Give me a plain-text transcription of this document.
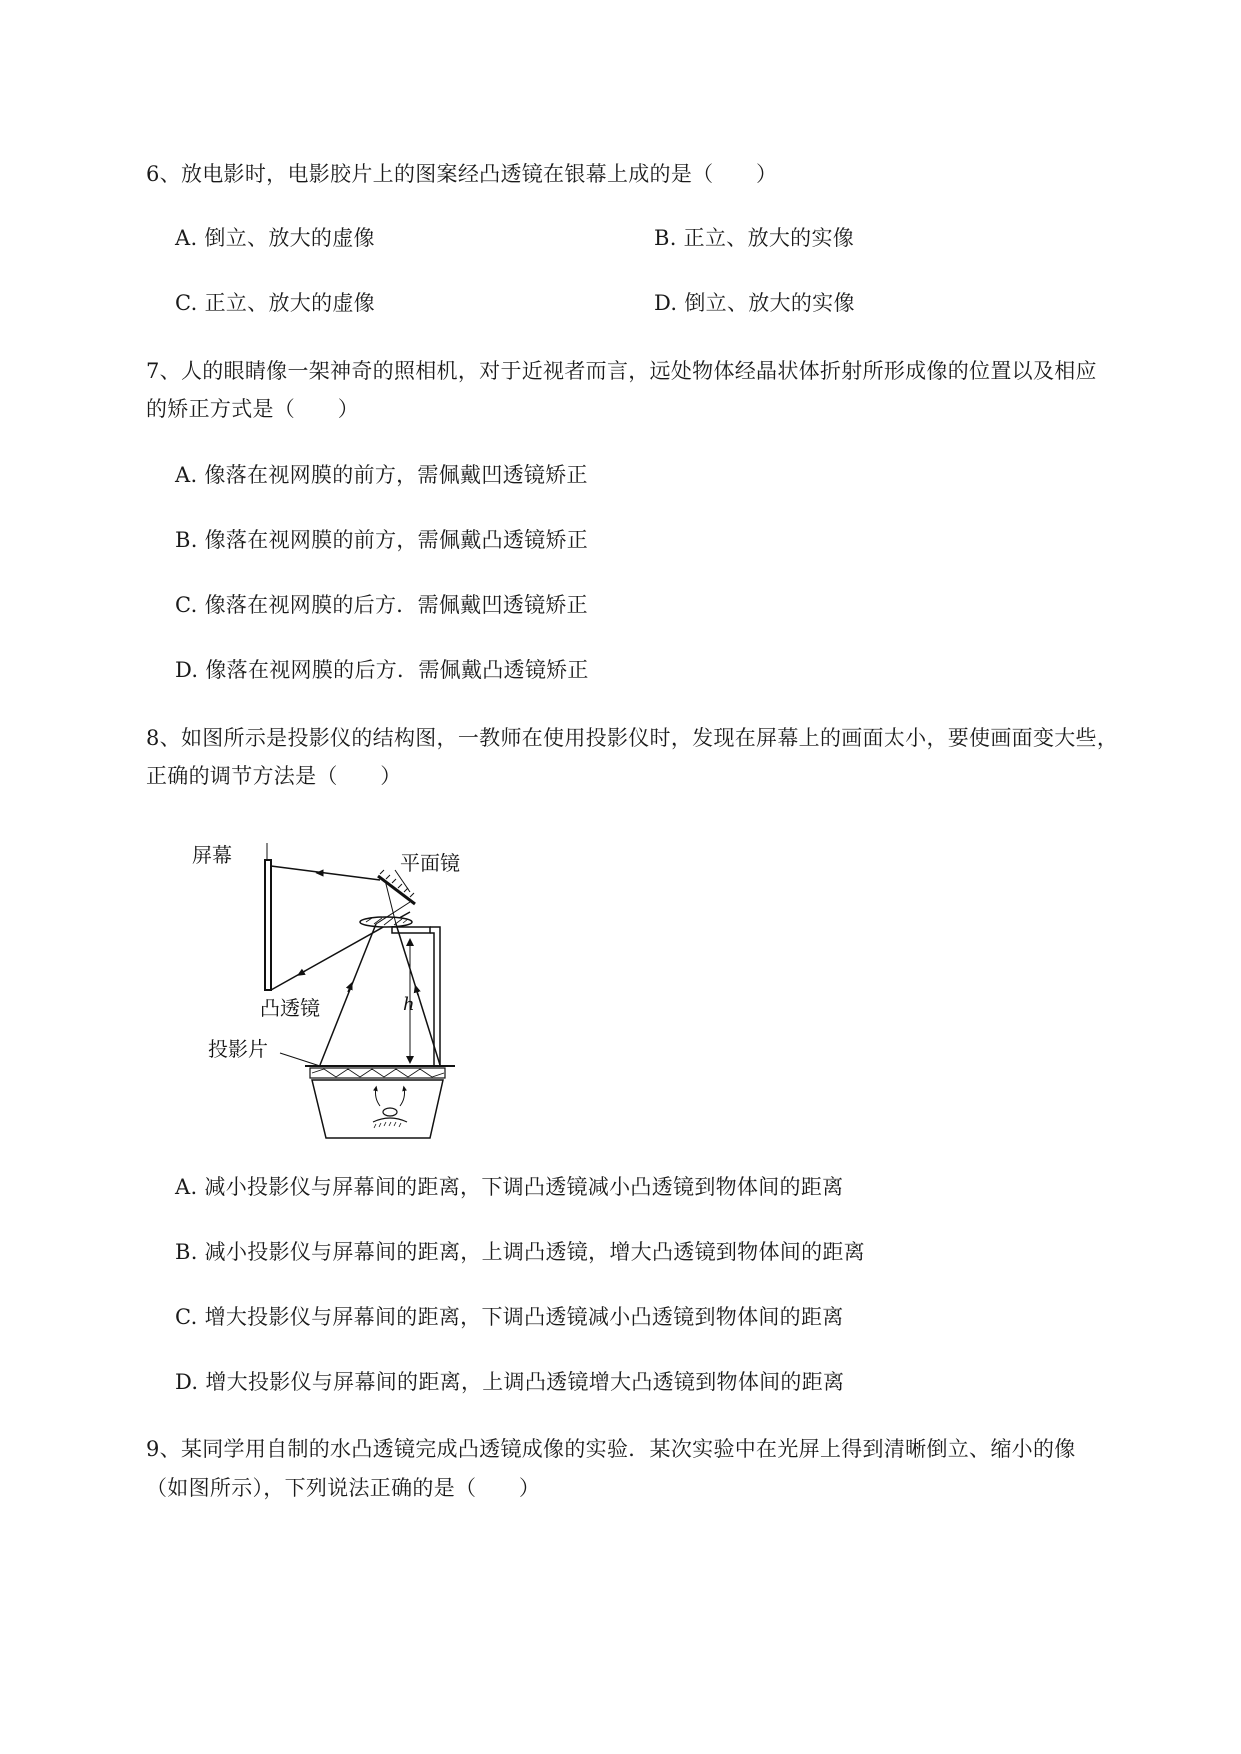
6、放电影时，电影胶片上的图案经凸透镜在银幕上成的是（　　）
A. 倒立、放大的虚像	B. 正立、放大的实像
C. 正立、放大的虚像	D. 倒立、放大的实像
7、人的眼睛像一架神奇的照相机，对于近视者而言，远处物体经晶状体折射所形成像的位置以及相应
的矫正方式是（　　）
A. 像落在视网膜的前方，需佩戴凹透镜矫正
B. 像落在视网膜的前方，需佩戴凸透镜矫正
C. 像落在视网膜的后方．需佩戴凹透镜矫正
D. 像落在视网膜的后方．需佩戴凸透镜矫正
8、如图所示是投影仪的结构图，一教师在使用投影仪时，发现在屏幕上的画面太小，要使画面变大些，
正确的调节方法是（　　）
屏幕	平面镜
凸透镜	h
投影片
A. 减小投影仪与屏幕间的距离，下调凸透镜减小凸透镜到物体间的距离
B. 减小投影仪与屏幕间的距离，上调凸透镜，增大凸透镜到物体间的距离
C. 增大投影仪与屏幕间的距离，下调凸透镜减小凸透镜到物体间的距离
D. 增大投影仪与屏幕间的距离，上调凸透镜增大凸透镜到物体间的距离
9、某同学用自制的水凸透镜完成凸透镜成像的实验．某次实验中在光屏上得到清晰倒立、缩小的像
（如图所示），下列说法正确的是（　　）
